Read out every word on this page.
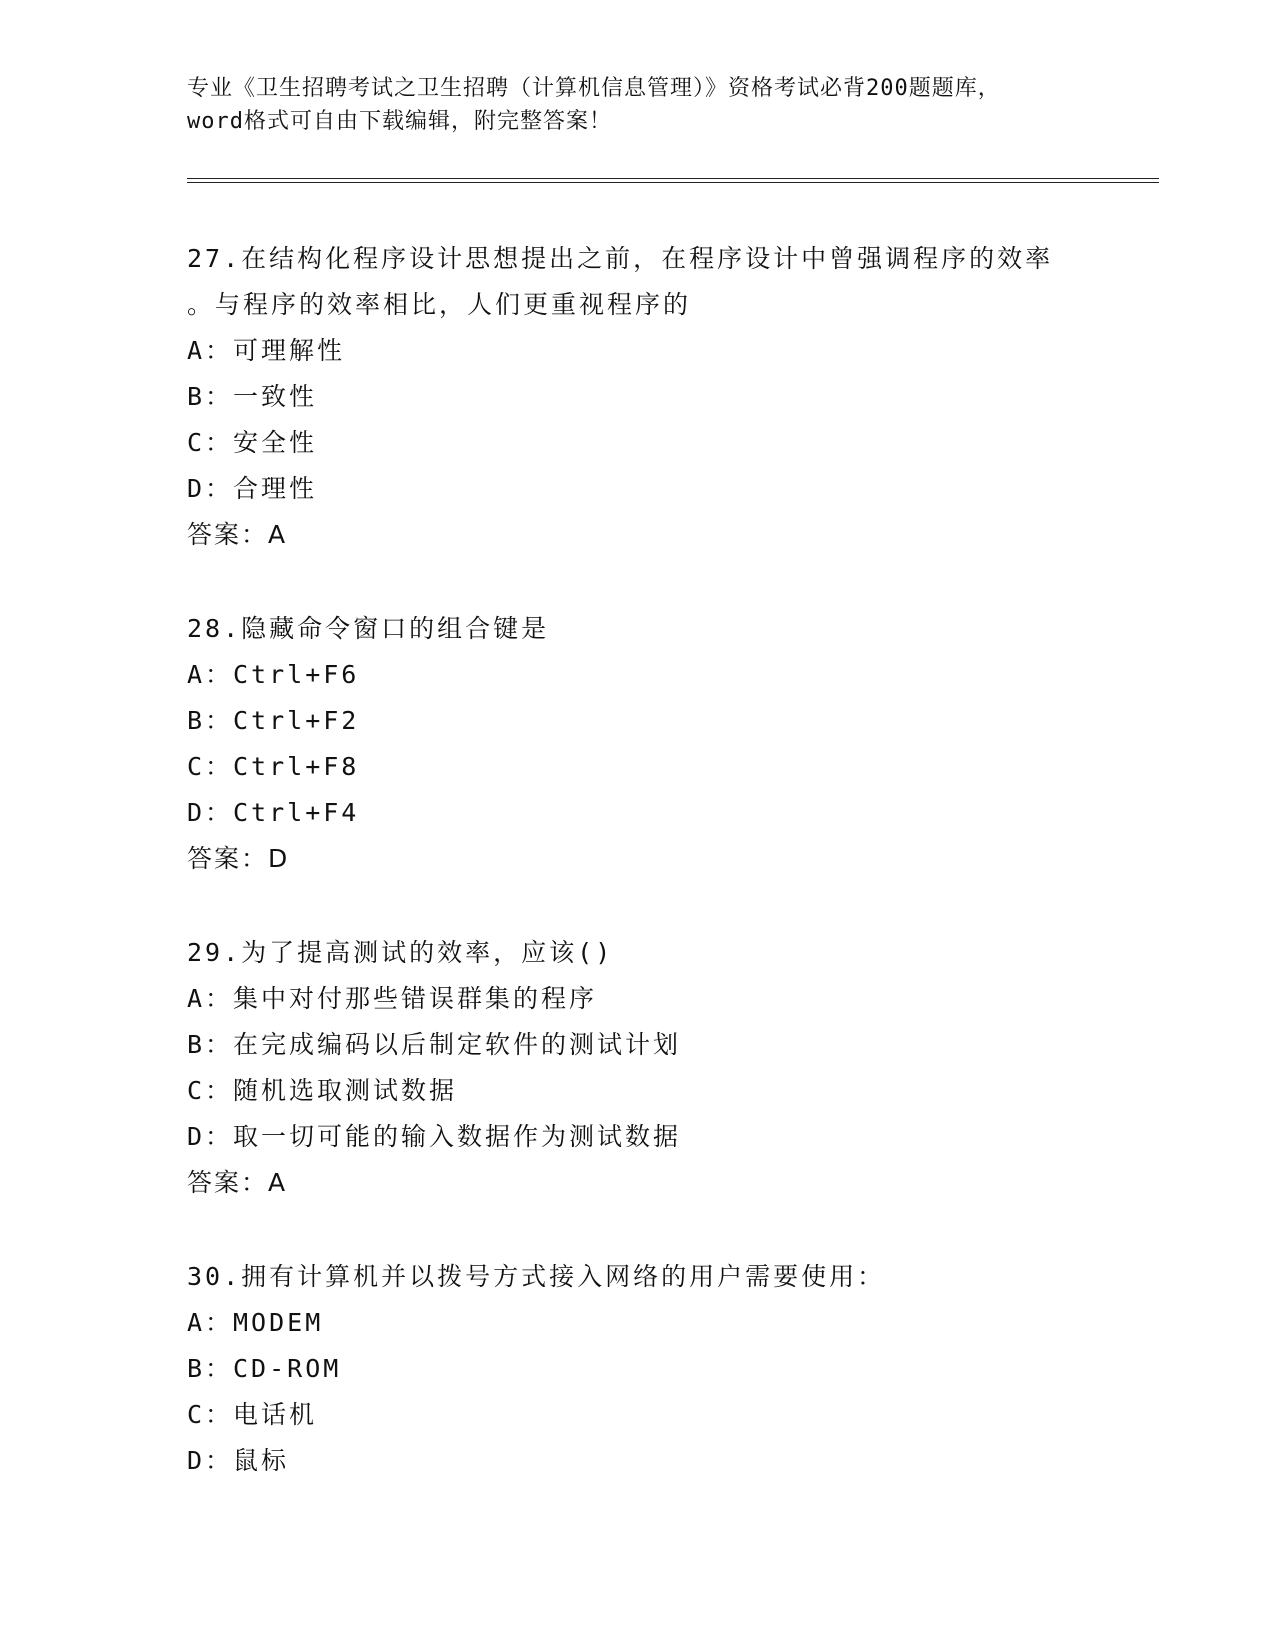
专业《卫生招聘考试之卫生招聘（计算机信息管理）》资格考试必背200题题库，
word格式可自由下载编辑，附完整答案！
27.在结构化程序设计思想提出之前，在程序设计中曾强调程序的效率
。与程序的效率相比，人们更重视程序的
A：可理解性
B：一致性
C：安全性
D：合理性
答案：A
28.隐藏命令窗口的组合键是
A：Ctrl+F6
B：Ctrl+F2
C：Ctrl+F8
D：Ctrl+F4
答案：D
29.为了提高测试的效率，应该()
A：集中对付那些错误群集的程序
B：在完成编码以后制定软件的测试计划
C：随机选取测试数据
D：取一切可能的输入数据作为测试数据
答案：A
30.拥有计算机并以拨号方式接入网络的用户需要使用：
A：MODEM
B：CD-ROM
C：电话机
D：鼠标
